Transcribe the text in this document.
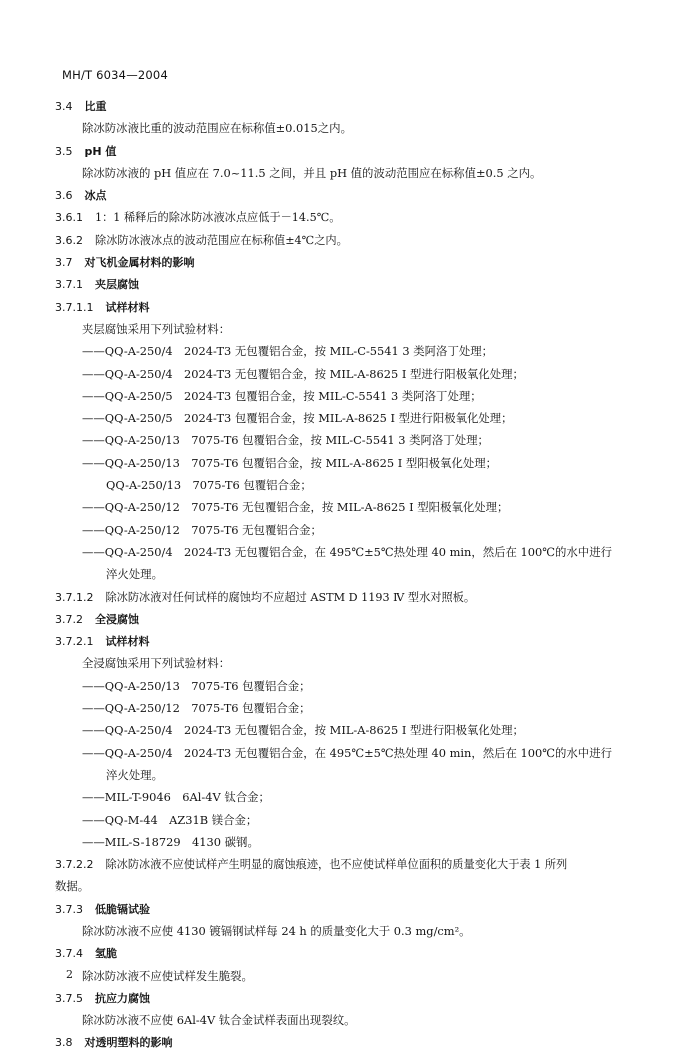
MH/T 6034—2004
3.4 比重
除冰防冰液比重的波动范围应在标称值±0.015之内。
3.5 pH 值
除冰防冰液的 pH 值应在 7.0~11.5 之间，并且 pH 值的波动范围应在标称值±0.5 之内。
3.6 冰点
3.6.1 1：1 稀释后的除冰防冰液冰点应低于－14.5℃。
3.6.2 除冰防冰液冰点的波动范围应在标称值±4℃之内。
3.7 对飞机金属材料的影响
3.7.1 夹层腐蚀
3.7.1.1 试样材料
夹层腐蚀采用下列试验材料：
——QQ-A-250/4　2024-T3 无包覆铝合金，按 MIL-C-5541 3 类阿洛丁处理；
——QQ-A-250/4　2024-T3 无包覆铝合金，按 MIL-A-8625 Ⅰ 型进行阳极氧化处理；
——QQ-A-250/5　2024-T3 包覆铝合金，按 MIL-C-5541 3 类阿洛丁处理；
——QQ-A-250/5　2024-T3 包覆铝合金，按 MIL-A-8625 Ⅰ 型进行阳极氧化处理；
——QQ-A-250/13　7075-T6 包覆铝合金，按 MIL-C-5541 3 类阿洛丁处理；
——QQ-A-250/13　7075-T6 包覆铝合金，按 MIL-A-8625 Ⅰ 型阳极氧化处理；
QQ-A-250/13　7075-T6 包覆铝合金；
——QQ-A-250/12　7075-T6 无包覆铝合金，按 MIL-A-8625 Ⅰ 型阳极氧化处理；
——QQ-A-250/12　7075-T6 无包覆铝合金；
——QQ-A-250/4　2024-T3 无包覆铝合金，在 495℃±5℃热处理 40 min，然后在 100℃的水中进行
淬火处理。
3.7.1.2 除冰防冰液对任何试样的腐蚀均不应超过 ASTM D 1193 Ⅳ 型水对照板。
3.7.2 全浸腐蚀
3.7.2.1 试样材料
全浸腐蚀采用下列试验材料：
——QQ-A-250/13　7075-T6 包覆铝合金；
——QQ-A-250/12　7075-T6 包覆铝合金；
——QQ-A-250/4　2024-T3 无包覆铝合金，按 MIL-A-8625 Ⅰ 型进行阳极氧化处理；
——QQ-A-250/4　2024-T3 无包覆铝合金，在 495℃±5℃热处理 40 min，然后在 100℃的水中进行
淬火处理。
——MIL-T-9046　6Al-4V 钛合金；
——QQ-M-44　AZ31B 镁合金；
——MIL-S-18729　4130 碳钢。
3.7.2.2 除冰防冰液不应使试样产生明显的腐蚀痕迹，也不应使试样单位面积的质量变化大于表 1 所列
数据。
3.7.3 低脆镉试验
除冰防冰液不应使 4130 镀镉钢试样每 24 h 的质量变化大于 0.3 mg/cm²。
3.7.4 氢脆
除冰防冰液不应使试样发生脆裂。
3.7.5 抗应力腐蚀
除冰防冰液不应使 6Al-4V 钛合金试样表面出现裂纹。
3.8 对透明塑料的影响
2
